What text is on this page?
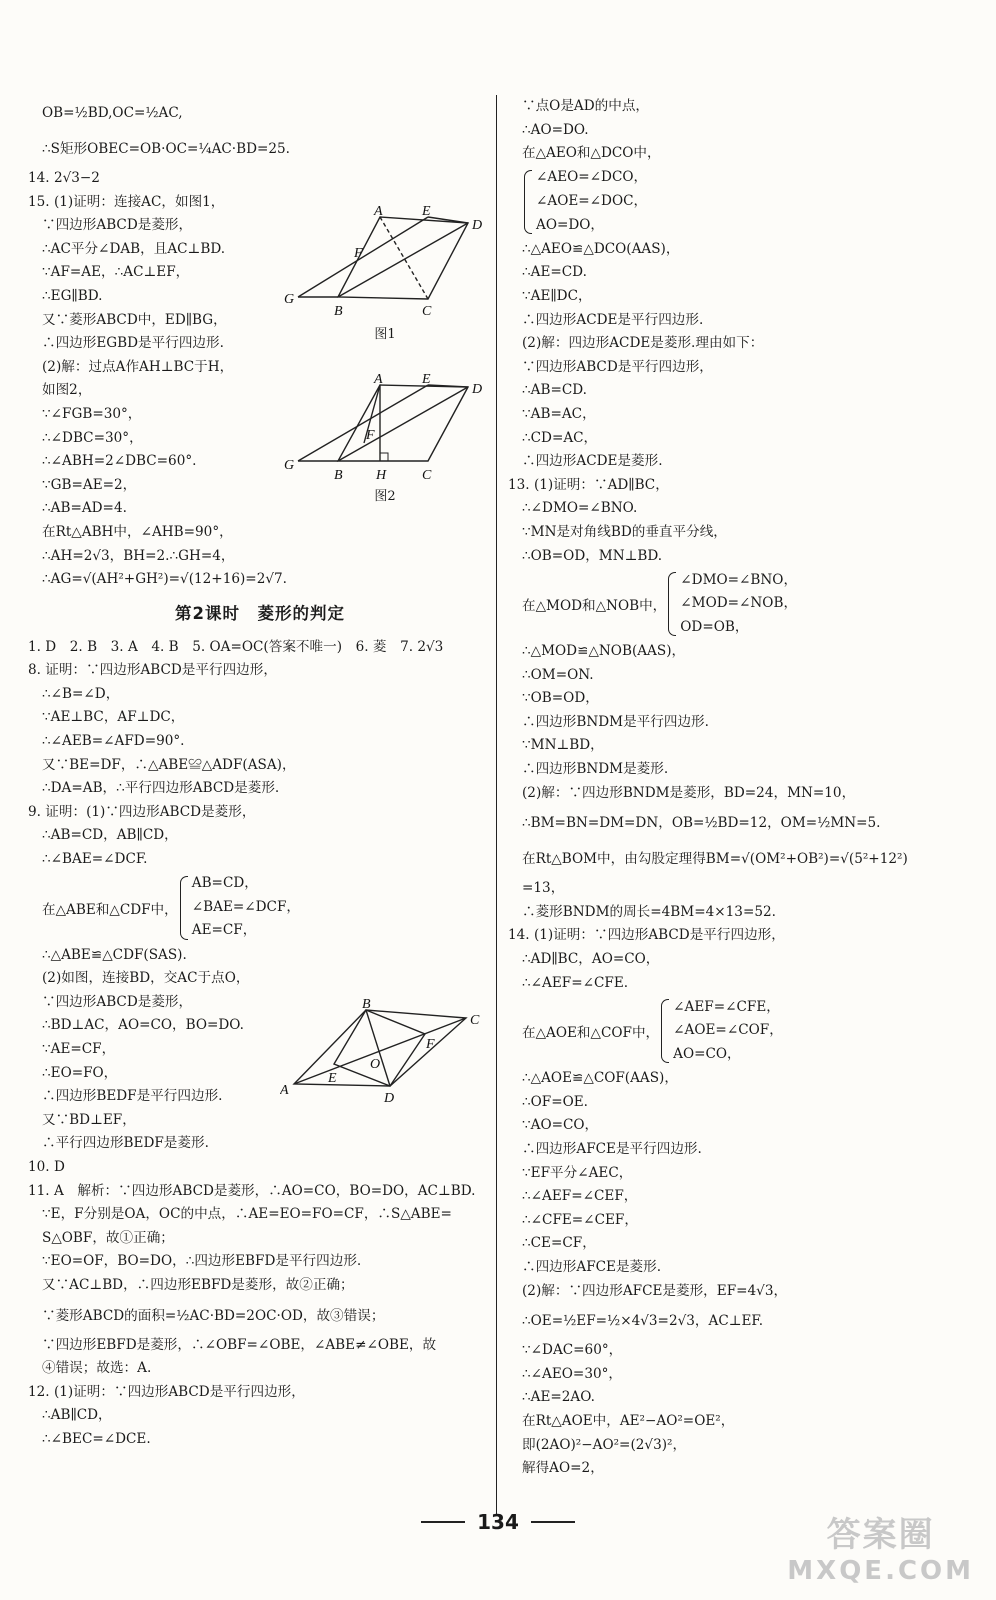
OB=½BD,OC=½AC,
∴S矩形OBEC=OB·OC=¼AC·BD=25.
14. 2√3−2
15. (1)证明：连接AC，如图1，
∵四边形ABCD是菱形，
∴AC平分∠DAB，且AC⊥BD.
∵AF=AE，∴AC⊥EF，
∴EG∥BD.
又∵菱形ABCD中，ED∥BG，
∴四边形EGBD是平行四边形.
(2)解：过点A作AH⊥BC于H，
如图2，
∵∠FGB=30°，
∴∠DBC=30°，
∴∠ABH=2∠DBC=60°.
∵GB=AE=2，
∴AB=AD=4.
在Rt△ABH中，∠AHB=90°，
∴AH=2√3，BH=2.∴GH=4，
∴AG=√(AH²+GH²)=√(12+16)=2√7.
第2课时　菱形的判定
1. D　2. B　3. A　4. B　5. OA=OC(答案不唯一)　6. 菱　7. 2√3
8. 证明：∵四边形ABCD是平行四边形，
∴∠B=∠D，
∵AE⊥BC，AF⊥DC，
∴∠AEB=∠AFD=90°.
又∵BE=DF，∴△ABE≌△ADF(ASA)，
∴DA=AB，∴平行四边形ABCD是菱形.
9. 证明：(1)∵四边形ABCD是菱形，
∴AB=CD，AB∥CD，
∴∠BAE=∠DCF.
在△ABE和△CDF中，
AB=CD，
∠BAE=∠DCF，
AE=CF，
∴△ABE≌△CDF(SAS).
(2)如图，连接BD，交AC于点O，
∵四边形ABCD是菱形，
∴BD⊥AC，AO=CO，BO=DO.
∵AE=CF，
∴EO=FO，
∴四边形BEDF是平行四边形.
又∵BD⊥EF，
∴平行四边形BEDF是菱形.
10. D
11. A　解析：∵四边形ABCD是菱形，∴AO=CO，BO=DO，AC⊥BD.
∵E，F分别是OA，OC的中点，∴AE=EO=FO=CF，∴S△ABE=
S△OBF，故①正确；
∵EO=OF，BO=DO，∴四边形EBFD是平行四边形.
又∵AC⊥BD，∴四边形EBFD是菱形，故②正确；
∵菱形ABCD的面积=½AC·BD=2OC·OD，故③错误；
∵四边形EBFD是菱形，∴∠OBF=∠OBE，∠ABE≠∠OBE，故
④错误；故选：A.
12. (1)证明：∵四边形ABCD是平行四边形，
∴AB∥CD，
∴∠BEC=∠DCE.
A	E
D
F
G
B	C
图1
A	E
D
F
G
B H	C
图2
B
C
F
O
E
A
D
∵点O是AD的中点，
∴AO=DO.
在△AEO和△DCO中，
∠AEO=∠DCO，
∠AOE=∠DOC，
AO=DO，
∴△AEO≌△DCO(AAS)，
∴AE=CD.
∵AE∥DC，
∴四边形ACDE是平行四边形.
(2)解：四边形ACDE是菱形.理由如下：
∵四边形ABCD是平行四边形，
∴AB=CD.
∵AB=AC，
∴CD=AC，
∴四边形ACDE是菱形.
13. (1)证明：∵AD∥BC，
∴∠DMO=∠BNO.
∵MN是对角线BD的垂直平分线，
∴OB=OD，MN⊥BD.
在△MOD和△NOB中，
∠DMO=∠BNO，
∠MOD=∠NOB，
OD=OB，
∴△MOD≌△NOB(AAS)，
∴OM=ON.
∵OB=OD，
∴四边形BNDM是平行四边形.
∵MN⊥BD，
∴四边形BNDM是菱形.
(2)解：∵四边形BNDM是菱形，BD=24，MN=10，
∴BM=BN=DM=DN，OB=½BD=12，OM=½MN=5.
在Rt△BOM中，由勾股定理得BM=√(OM²+OB²)=√(5²+12²)
=13，
∴菱形BNDM的周长=4BM=4×13=52.
14. (1)证明：∵四边形ABCD是平行四边形，
∴AD∥BC，AO=CO，
∴∠AEF=∠CFE.
在△AOE和△COF中，
∠AEF=∠CFE，
∠AOE=∠COF，
AO=CO，
∴△AOE≌△COF(AAS)，
∴OF=OE.
∵AO=CO，
∴四边形AFCE是平行四边形.
∵EF平分∠AEC，
∴∠AEF=∠CEF，
∴∠CFE=∠CEF，
∴CE=CF，
∴四边形AFCE是菱形.
(2)解：∵四边形AFCE是菱形，EF=4√3，
∴OE=½EF=½×4√3=2√3，AC⊥EF.
∵∠DAC=60°，
∴∠AEO=30°，
∴AE=2AO.
在Rt△AOE中，AE²−AO²=OE²，
即(2AO)²−AO²=(2√3)²，
解得AO=2，
134	答案圈
MXQE.COM
